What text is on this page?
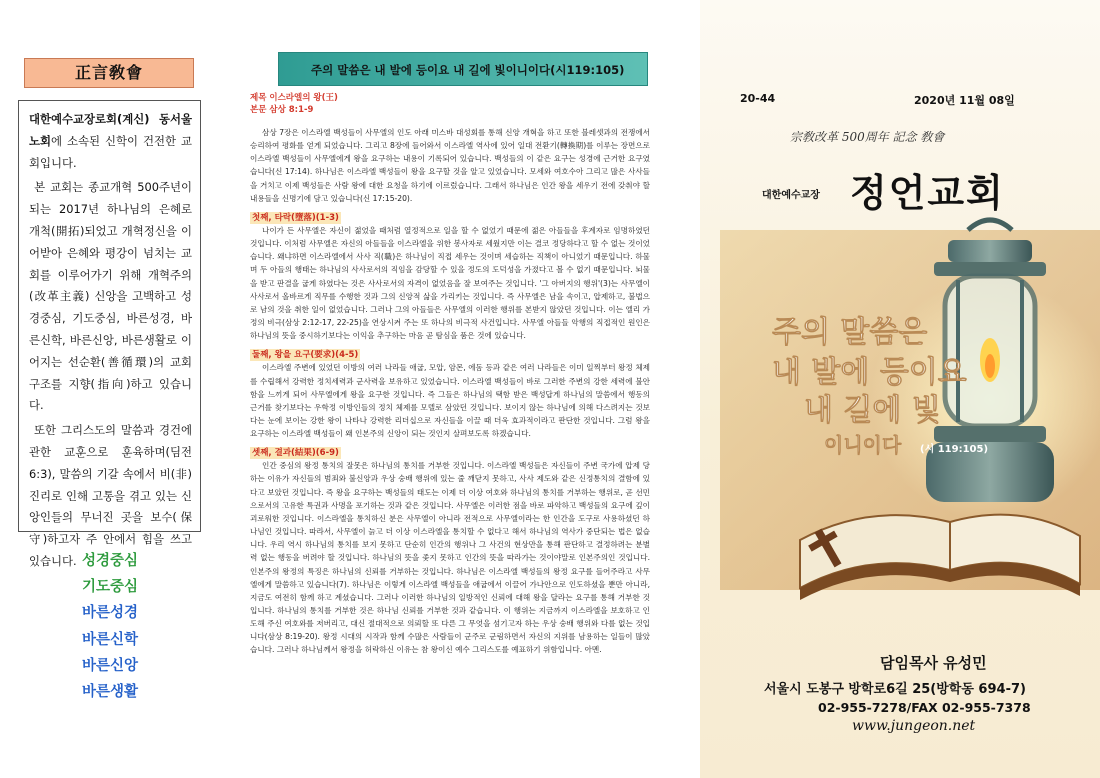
正言敎會

대한예수교장로회(계신) 동서울 노회에 소속된 신학이 건전한 교회입니다.

본 교회는 종교개혁 500주년이 되는 2017년 하나님의 은혜로 개척(開拓)되었고 개혁정신을 이어받아 은혜와 평강이 넘치는 교회를 이루어가기 위해 개혁주의(改革主義) 신앙을 고백하고 성경중심, 기도중심, 바른성경, 바른신학, 바른신앙, 바른생활로 이어지는 선순환(善循環)의 교회 구조를 지향(指向)하고 있습니다.

또한 그리스도의 말씀과 경건에 관한 교훈으로 훈육하며(딤전 6:3), 말씀의 기갈 속에서 비(非) 진리로 인해 고통을 겪고 있는 신앙인들의 무너진 곳을 보수(保守)하고자 주 안에서 힘을 쓰고 있습니다. 성경중심
기도중심
바른성경
바른신학
바른신앙
바른생활
주의 말씀은 내 발에 등이요 내 길에 빛이니이다(시119:105)
제목 이스라엘의 왕(王)
본문 삼상 8:1-9

삼상 7장은 이스라엘 백성들이 사무엘의 인도 아래 미스바 대성회를 통해 신앙 개혁을 하고 또한 블레셋과의 전쟁에서 승리하여 평화를 얻게 되었습니다. 그리고 8장에 들어와서 이스라엘 역사에 있어 일대 전환기(轉換期)를 이루는 장면으로 이스라엘 백성들이 사무엘에게 왕을 요구하는 내용이 기록되어 있습니다. 백성들의 이 같은 요구는 성경에 근거한 요구였습니다(신 17:14). 하나님은 이스라엘 백성들이 왕을 요구할 것을 알고 있었습니다. 모세와 여호수아 그리고 많은 사사들을 거치고 이제 백성들은 사람 왕에 대한 요청을 하기에 이르렀습니다. 그래서 하나님은 인간 왕을 세우기 전에 갖춰야 할 내용들을 신명기에 담고 있습니다(신 17:15-20).

첫째, 타락(墮落)(1-3)

나이가 든 사무엘은 자신이 젊었을 때처럼 열정적으로 일을 할 수 없었기 때문에 젊은 아들들을 후계자로 임명하였던 것입니다. 이처럼 사무엘은 자신의 아들들을 이스라엘을 위한 봉사자로 세웠지만 이는 결코 정당하다고 할 수 없는 것이었습니다. 왜냐하면 이스라엘에서 사사 직(職)은 하나님이 직접 세우는 것이며 세습하는 직책이 아니었기 때문입니다. 하물며 두 아들의 행태는 하나님의 사사로서의 직임을 감당할 수 있을 정도의 도덕성을 가졌다고 볼 수 없기 때문입니다. 뇌물을 받고 판결을 굽게 하였다는 것은 사사로서의 자격이 없었음을 잘 보여주는 것입니다. '그 아버지의 행위'(3)는 사무엘이 사사로서 올바르게 직무를 수행한 것과 그의 신앙적 삶을 가리키는 것입니다. 즉 사무엘은 남을 속이고, 압제하고, 불법으로 남의 것을 취한 일이 없었습니다. 그러나 그의 아들들은 사무엘의 이러한 행위를 본받지 않았던 것입니다. 이는 엘리 가정의 비극(삼상 2:12-17, 22-25)을 연상시켜 주는 또 하나의 비극적 사건입니다. 사무엘 아들들 악행의 직접적인 원인은 하나님의 뜻을 중시하기보다는 이익을 추구하는 마음 곧 탐심을 품은 것에 있습니다.

둘째, 왕을 요구(要求)(4-5)

이스라엘 주변에 있었던 이방의 여러 나라들 애굽, 모압, 암몬, 에돔 등과 같은 여러 나라들은 이미 일찍부터 왕정 체제를 수립해서 강력한 정치세력과 군사력을 보유하고 있었습니다. 이스라엘 백성들이 바로 그러한 주변의 강한 세력에 불안함을 느끼게 되어 사무엘에게 왕을 요구한 것입니다. 즉 그들은 하나님의 택함 받은 백성답게 하나님의 말씀에서 행동의 근거를 찾기보다는 우학정 이방인들의 정치 체제를 모델로 삼았던 것입니다. 보이지 않는 하나님에 의해 다스려지는 것보다는 눈에 보이는 강한 왕이 나타나 강력한 리더십으로 자신들을 이끌 때 더욱 효과적이라고 판단한 것입니다. 그럼 왕을 요구하는 이스라엘 백성들이 왜 인본주의 신앙이 되는 것인지 살펴보도록 하겠습니다.

셋째, 결과(結果)(6-9)

인간 중심의 왕정 통치의 잘못은 하나님의 통치를 거부한 것입니다. 이스라엘 백성들은 자신들이 주변 국가에 압제 당하는 이유가 자신들의 범죄와 불신앙과 우상 숭배 행위에 있는 줄 깨닫지 못하고, 사사 제도와 같은 신정통치의 결함에 있다고 보았던 것입니다. 즉 왕을 요구하는 백성들의 태도는 이제 더 이상 여호와 하나님의 통치를 거부하는 행위로, 곧 선민으로서의 고유한 특권과 사명을 포기하는 것과 같은 것입니다. 사무엘은 이러한 점을 바로 파악하고 백성들의 요구에 깊이 괴로워한 것입니다. 이스라엘을 통치하신 분은 사무엘이 아니라 전적으로 사무엘이라는 한 인간을 도구로 사용하셨던 하나님인 것입니다. 따라서, 사무엘이 늙고 더 이상 이스라엘을 통치할 수 없다고 해서 하나님의 역사가 중단되는 법은 없습니다. 우리 역시 하나님의 통치를 보지 못하고 단순히 인간의 행위나 그 사건의 현상만을 통해 판단하고 결정하려는 분별력 없는 행동을 버려야 할 것입니다. 하나님의 뜻을 좇지 못하고 인간의 뜻을 따라가는 것이야말로 인본주의인 것입니다. 인본주의 왕정의 특징은 하나님의 신뢰를 거부하는 것입니다. 하나님은 이스라엘 백성들의 왕정 요구를 들어주라고 사무엘에게 말씀하고 있습니다(7). 하나님은 이렇게 이스라엘 백성들을 애굽에서 이끌어 가나안으로 인도하셨을 뿐만 아니라, 지금도 여전히 함께 하고 계셨습니다. 그러나 이러한 하나님의 일방적인 신뢰에 대해 왕을 달라는 요구를 통해 거부한 것입니다. 하나님의 통치를 거부한 것은 하나님 신뢰를 거부한 것과 같습니다. 이 행위는 지금까지 이스라엘을 보호하고 인도해 주신 여호와를 저버리고, 대신 절대적으로 의뢰할 또 다른 그 무엇을 섬기고자 하는 우상 숭배 행위와 다를 없는 것입니다(삼상 8:19-20). 왕정 시대의 시작과 함께 수많은 사람들이 군주로 군림하면서 자신의 지위를 남용하는 일들이 많았습니다. 그러나 하나님께서 왕정을 허락하신 이유는 참 왕이신 예수 그리스도를 예표하기 위함입니다. 아멘.

20-44	2020년 11월 08일
宗敎改革 500周年 記念 敎會
대한예수교장 정언교회
주의 말씀은
내 발에 등이요
내 길에 빛
이니이다 (시 119:105)
담임목사 유성민
서울시 도봉구 방학로6길 25(방학동 694-7)
02-955-7278/FAX 02-955-7378
www.jungeon.net
